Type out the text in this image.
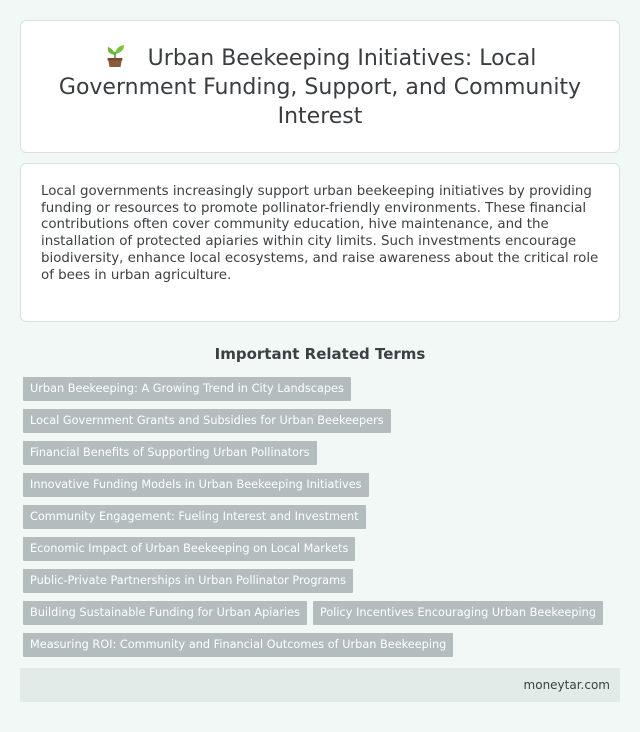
Urban Beekeeping Initiatives: Local Government Funding, Support, and Community Interest

Local governments increasingly support urban beekeeping initiatives by providing funding or resources to promote pollinator-friendly environments. These financial contributions often cover community education, hive maintenance, and the installation of protected apiaries within city limits. Such investments encourage biodiversity, enhance local ecosystems, and raise awareness about the critical role of bees in urban agriculture.

Important Related Terms
Urban Beekeeping: A Growing Trend in City Landscapes
Local Government Grants and Subsidies for Urban Beekeepers
Financial Benefits of Supporting Urban Pollinators
Innovative Funding Models in Urban Beekeeping Initiatives
Community Engagement: Fueling Interest and Investment
Economic Impact of Urban Beekeeping on Local Markets
Public-Private Partnerships in Urban Pollinator Programs
Building Sustainable Funding for Urban Apiaries	Policy Incentives Encouraging Urban Beekeeping
Measuring ROI: Community and Financial Outcomes of Urban Beekeeping
moneytar.com
